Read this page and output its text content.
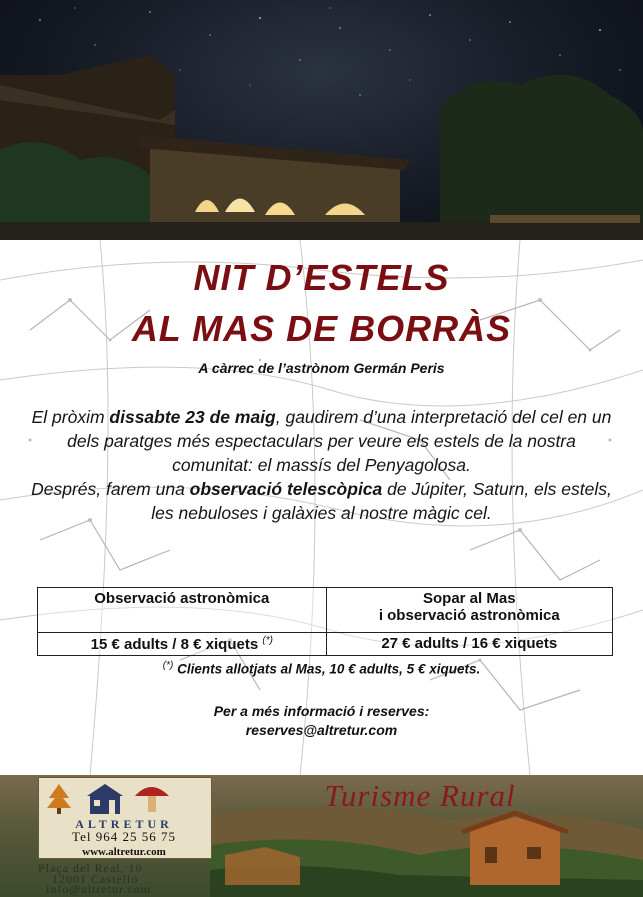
NIT D’ESTELS
AL MAS DE BORRÀS
A càrrec de l’astrònom Germán Peris
El pròxim dissabte 23 de maig, gaudirem d’una interpretació del cel en un dels paratges més espectaculars per veure els estels de la nostra comunitat: el massís del Penyagolosa.
Després, farem una observació telescòpica de Júpiter, Saturn, els estels, les nebuloses i galàxies al nostre màgic cel.
Observació astronòmica	Sopar al Mas
i observació astronòmica
15 € adults / 8 € xiquets (*)	27 € adults / 16 € xiquets
(*) Clients allotjats al Mas, 10 € adults, 5 € xiquets.
Per a més informació i reserves:
reserves@altretur.com
ALTRETUR
Tel 964 25 56 75
www.altretur.com
Plaça del Real, 10
12001 Castelló
info@altretur.com
Turisme Rural
